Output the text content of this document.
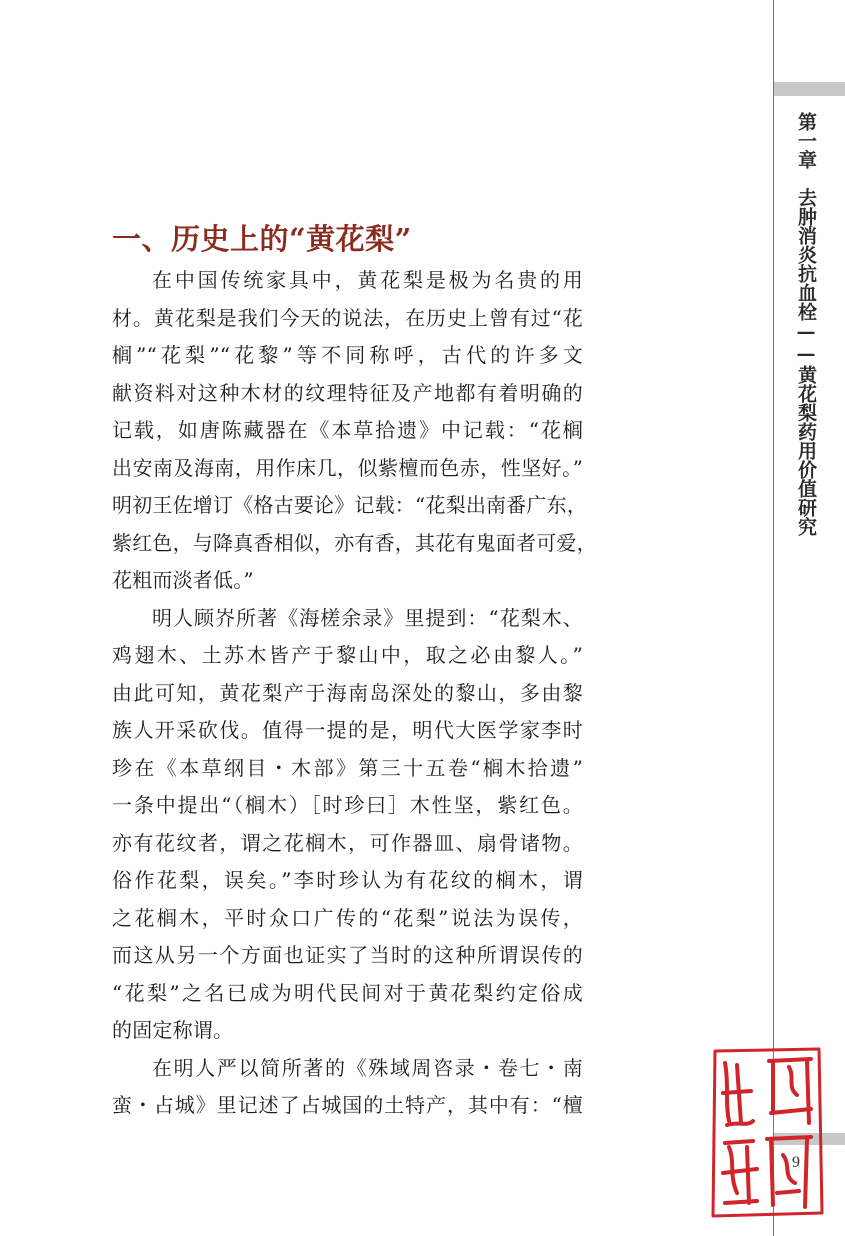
第一章　去肿消炎抗血栓——黄花梨药用价值研究
一、历史上的“黄花梨”
在中国传统家具中，黄花梨是极为名贵的用
材。黄花梨是我们今天的说法，在历史上曾有过“花
榈”“花梨”“花黎”等不同称呼，古代的许多文
献资料对这种木材的纹理特征及产地都有着明确的
记载，如唐陈藏器在《本草拾遗》中记载：“花榈
出安南及海南，用作床几，似紫檀而色赤，性坚好。”
明初王佐增订《格古要论》记载：“花梨出南番广东，
紫红色，与降真香相似，亦有香，其花有鬼面者可爱，
花粗而淡者低。”
明人顾岕所著《海槎余录》里提到：“花梨木、
鸡翅木、土苏木皆产于黎山中，取之必由黎人。”
由此可知，黄花梨产于海南岛深处的黎山，多由黎
族人开采砍伐。值得一提的是，明代大医学家李时
珍在《本草纲目・木部》第三十五卷“榈木拾遗”
一条中提出“（榈木）［时珍曰］木性坚，紫红色。
亦有花纹者，谓之花榈木，可作器皿、扇骨诸物。
俗作花梨，误矣。”李时珍认为有花纹的榈木，谓
之花榈木，平时众口广传的“花梨”说法为误传，
而这从另一个方面也证实了当时的这种所谓误传的
“花梨”之名已成为明代民间对于黄花梨约定俗成
的固定称谓。
在明人严以简所著的《殊域周咨录・卷七・南
蛮・占城》里记述了占城国的土特产，其中有：“檀
9
